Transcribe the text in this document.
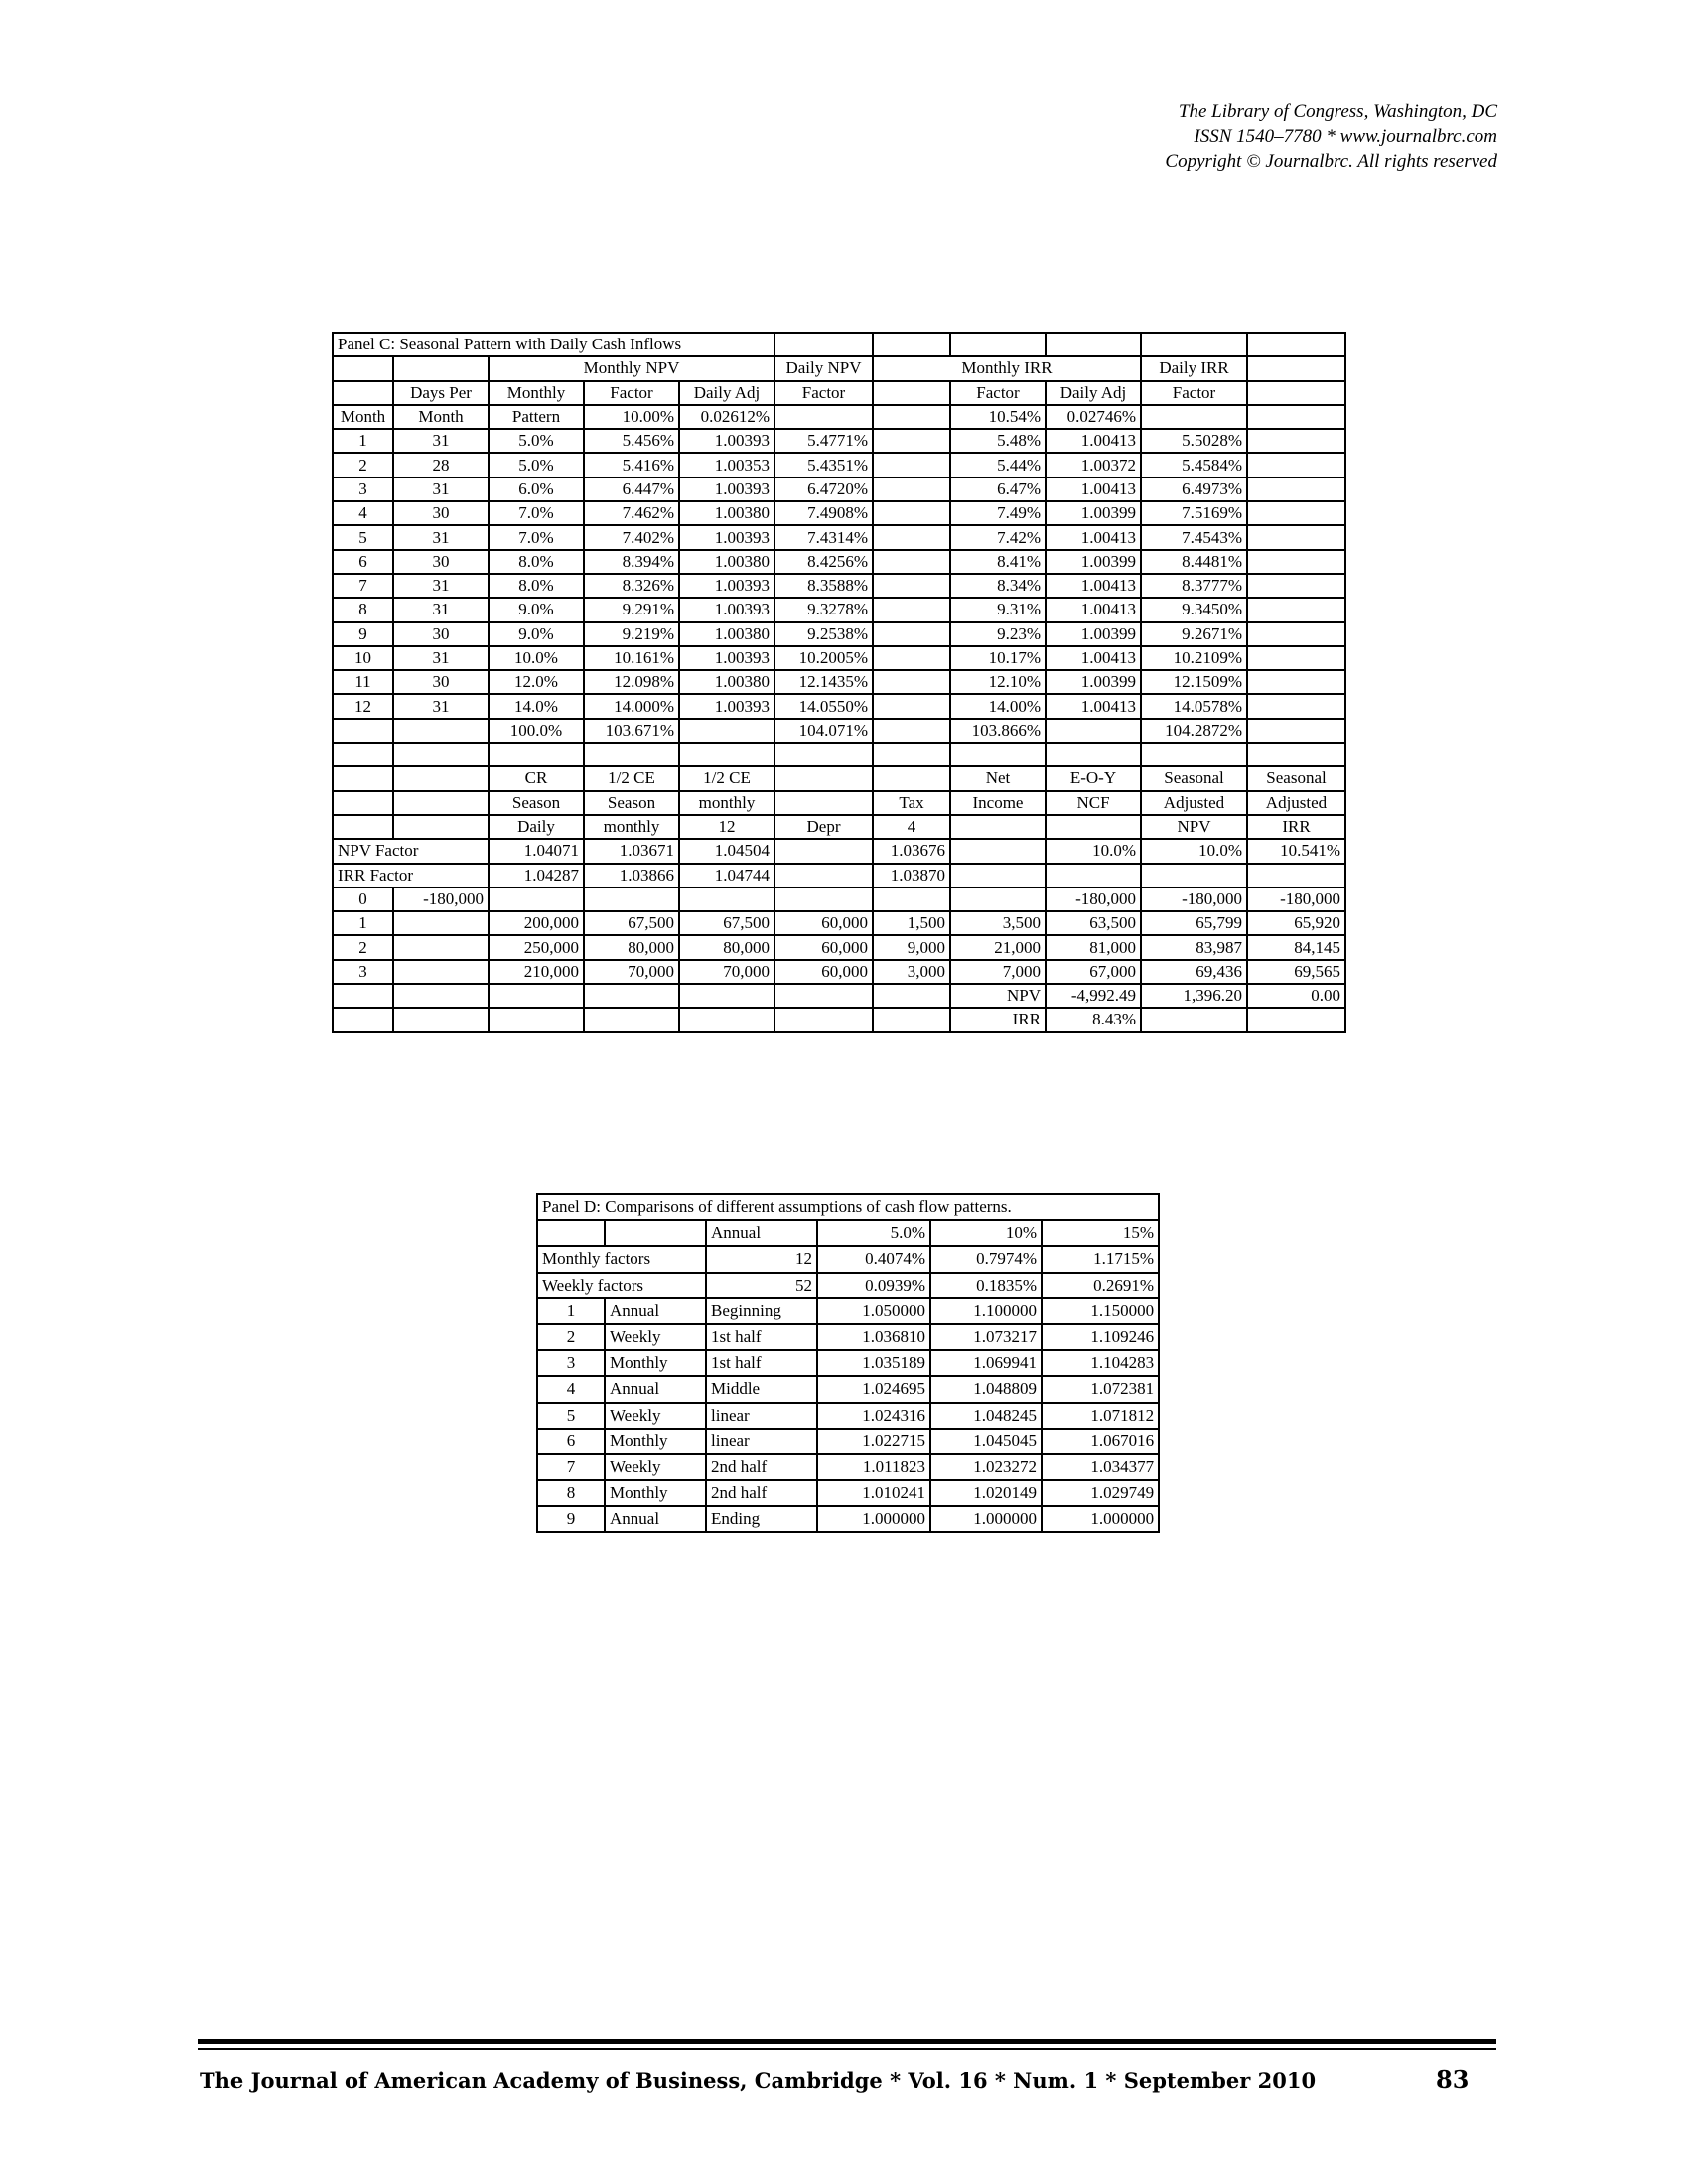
The Library of Congress, Washington, DC
ISSN 1540–7780 * www.journalbrc.com
Copyright © Journalbrc. All rights reserved
Panel C: Seasonal Pattern with Daily Cash Inflows										
		Monthly NPV			Daily NPV	Monthly IRR			Daily IRR	
	Days Per	Monthly	Factor	Daily Adj	Factor		Factor	Daily Adj	Factor	
Month	Month	Pattern	10.00%	0.02612%			10.54%	0.02746%		
1	31	5.0%	5.456%	1.00393	5.4771%		5.48%	1.00413	5.5028%	
2	28	5.0%	5.416%	1.00353	5.4351%		5.44%	1.00372	5.4584%	
3	31	6.0%	6.447%	1.00393	6.4720%		6.47%	1.00413	6.4973%	
4	30	7.0%	7.462%	1.00380	7.4908%		7.49%	1.00399	7.5169%	
5	31	7.0%	7.402%	1.00393	7.4314%		7.42%	1.00413	7.4543%	
6	30	8.0%	8.394%	1.00380	8.4256%		8.41%	1.00399	8.4481%	
7	31	8.0%	8.326%	1.00393	8.3588%		8.34%	1.00413	8.3777%	
8	31	9.0%	9.291%	1.00393	9.3278%		9.31%	1.00413	9.3450%	
9	30	9.0%	9.219%	1.00380	9.2538%		9.23%	1.00399	9.2671%	
10	31	10.0%	10.161%	1.00393	10.2005%		10.17%	1.00413	10.2109%	
11	30	12.0%	12.098%	1.00380	12.1435%		12.10%	1.00399	12.1509%	
12	31	14.0%	14.000%	1.00393	14.0550%		14.00%	1.00413	14.0578%	
		100.0%	103.671%		104.071%		103.866%		104.2872%	

		CR	1/2 CE	1/2 CE			Net	E-O-Y	Seasonal	Seasonal
		Season	Season	monthly		Tax	Income	NCF	Adjusted	Adjusted
		Daily	monthly	12	Depr	4			NPV	IRR
NPV Factor		1.04071	1.03671	1.04504		1.03676		10.0%	10.0%	10.541%
IRR Factor		1.04287	1.03866	1.04744		1.03870				
0	-180,000							-180,000	-180,000	-180,000
1		200,000	67,500	67,500	60,000	1,500	3,500	63,500	65,799	65,920
2		250,000	80,000	80,000	60,000	9,000	21,000	81,000	83,987	84,145
3		210,000	70,000	70,000	60,000	3,000	7,000	67,000	69,436	69,565
							NPV	-4,992.49	1,396.20	0.00
							IRR	8.43%		
Panel D: Comparisons of different assumptions of cash flow patterns.					
		Annual	5.0%	10%	15%
Monthly factors		12	0.4074%	0.7974%	1.1715%
Weekly factors		52	0.0939%	0.1835%	0.2691%
1	Annual	Beginning	1.050000	1.100000	1.150000
2	Weekly	1st half	1.036810	1.073217	1.109246
3	Monthly	1st half	1.035189	1.069941	1.104283
4	Annual	Middle	1.024695	1.048809	1.072381
5	Weekly	linear	1.024316	1.048245	1.071812
6	Monthly	linear	1.022715	1.045045	1.067016
7	Weekly	2nd half	1.011823	1.023272	1.034377
8	Monthly	2nd half	1.010241	1.020149	1.029749
9	Annual	Ending	1.000000	1.000000	1.000000
The Journal of American Academy of Business, Cambridge * Vol. 16 * Num. 1 * September 2010	83
